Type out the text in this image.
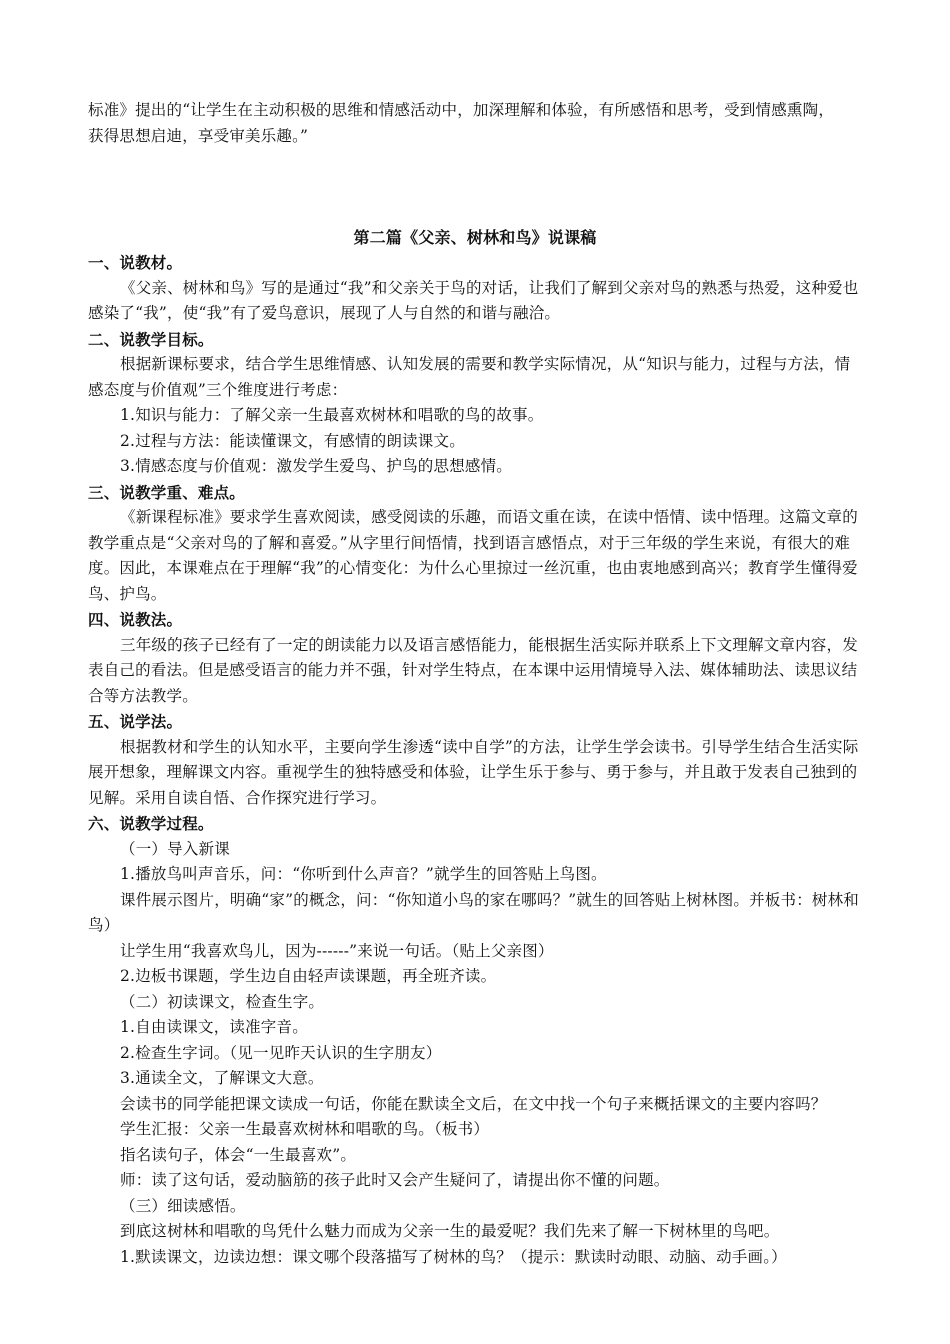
标准》提出的“让学生在主动积极的思维和情感活动中，加深理解和体验，有所感悟和思考，受到情感熏陶，

获得思想启迪，享受审美乐趣。”

第二篇《父亲、树林和鸟》说课稿

一、说教材。

《父亲、树林和鸟》写的是通过“我”和父亲关于鸟的对话，让我们了解到父亲对鸟的熟悉与热爱，这种爱也感染了“我”，使“我”有了爱鸟意识，展现了人与自然的和谐与融洽。

二、说教学目标。

根据新课标要求，结合学生思维情感、认知发展的需要和教学实际情况，从“知识与能力，过程与方法，情感态度与价值观”三个维度进行考虑：

1.知识与能力：了解父亲一生最喜欢树林和唱歌的鸟的故事。

2.过程与方法：能读懂课文，有感情的朗读课文。

3.情感态度与价值观：激发学生爱鸟、护鸟的思想感情。

三、说教学重、难点。

《新课程标准》要求学生喜欢阅读，感受阅读的乐趣，而语文重在读，在读中悟情、读中悟理。这篇文章的教学重点是“父亲对鸟的了解和喜爱。”从字里行间悟情，找到语言感悟点，对于三年级的学生来说，有很大的难度。因此，本课难点在于理解“我”的心情变化：为什么心里掠过一丝沉重，也由衷地感到高兴；教育学生懂得爱鸟、护鸟。

四、说教法。

三年级的孩子已经有了一定的朗读能力以及语言感悟能力，能根据生活实际并联系上下文理解文章内容，发表自己的看法。但是感受语言的能力并不强，针对学生特点，在本课中运用情境导入法、媒体辅助法、读思议结合等方法教学。

五、说学法。

根据教材和学生的认知水平，主要向学生渗透“读中自学”的方法，让学生学会读书。引导学生结合生活实际展开想象，理解课文内容。重视学生的独特感受和体验，让学生乐于参与、勇于参与，并且敢于发表自己独到的见解。采用自读自悟、合作探究进行学习。

六、说教学过程。

（一）导入新课

1.播放鸟叫声音乐，问：“你听到什么声音？”就学生的回答贴上鸟图。

课件展示图片，明确“家”的概念，问：“你知道小鸟的家在哪吗？”就生的回答贴上树林图。并板书：树林和鸟）

让学生用“我喜欢鸟儿，因为------”来说一句话。（贴上父亲图）

2.边板书课题，学生边自由轻声读课题，再全班齐读。

（二）初读课文，检查生字。

1.自由读课文，读准字音。

2.检查生字词。（见一见昨天认识的生字朋友）

3.通读全文，了解课文大意。

会读书的同学能把课文读成一句话，你能在默读全文后，在文中找一个句子来概括课文的主要内容吗？

学生汇报：父亲一生最喜欢树林和唱歌的鸟。（板书）

指名读句子，体会“一生最喜欢”。

师：读了这句话，爱动脑筋的孩子此时又会产生疑问了，请提出你不懂的问题。

（三）细读感悟。

到底这树林和唱歌的鸟凭什么魅力而成为父亲一生的最爱呢？我们先来了解一下树林里的鸟吧。

1.默读课文，边读边想：课文哪个段落描写了树林的鸟？（提示：默读时动眼、动脑、动手画。）
